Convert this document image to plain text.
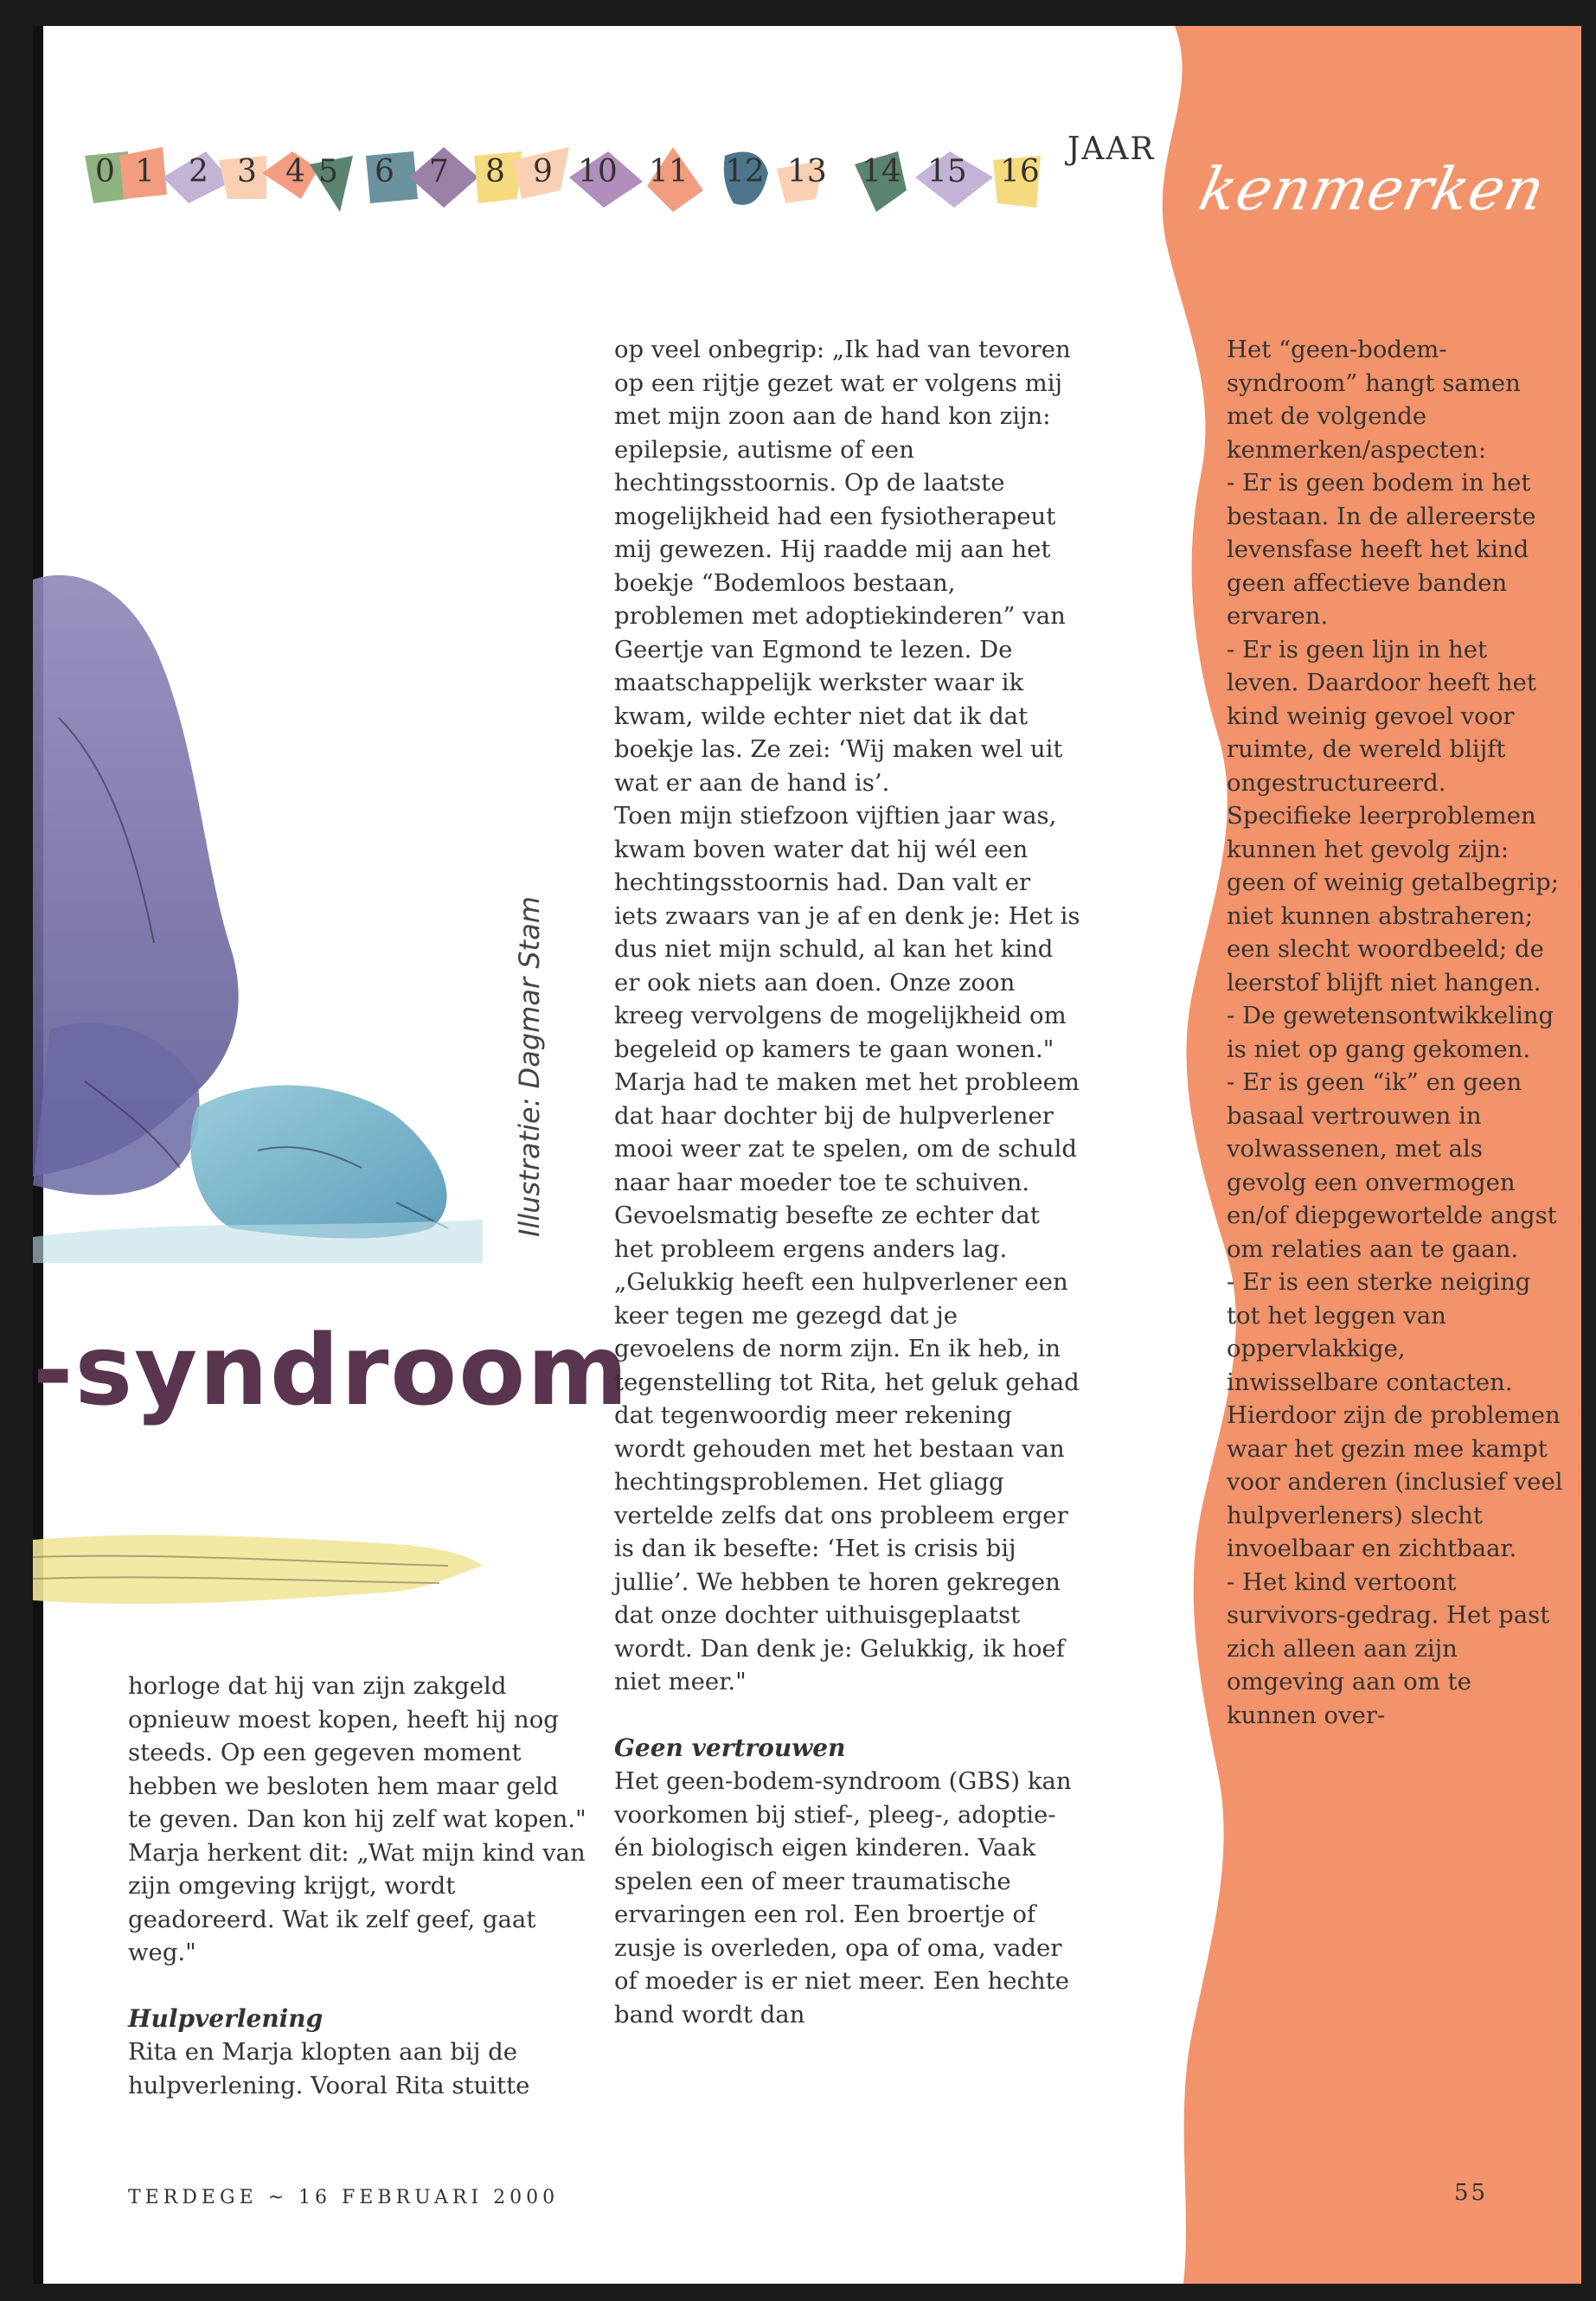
0 1 2 3 4 5 6 7 8 9 10 11 12 13 14 15 16
JAAR
kenmerken
Illustratie: Dagmar Stam
-syndroom

horloge dat hij van zijn zakgeld opnieuw moest kopen, heeft hij nog steeds. Op een gegeven moment hebben we besloten hem maar geld te geven. Dan kon hij zelf wat kopen."

Marja herkent dit: „Wat mijn kind van zijn omgeving krijgt, wordt geadoreerd. Wat ik zelf geef, gaat weg."

Hulpverlening

Rita en Marja klopten aan bij de hulpverlening. Vooral Rita stuitte

op veel onbegrip: „Ik had van tevoren op een rijtje gezet wat er volgens mij met mijn zoon aan de hand kon zijn: epilepsie, autisme of een hechtingsstoornis. Op de laatste mogelijkheid had een fysiotherapeut mij gewezen. Hij raadde mij aan het boekje “Bodemloos bestaan, problemen met adoptiekinderen” van Geertje van Egmond te lezen. De maatschappelijk werkster waar ik kwam, wilde echter niet dat ik dat boekje las. Ze zei: ‘Wij maken wel uit wat er aan de hand is’.

Toen mijn stiefzoon vijftien jaar was, kwam boven water dat hij wél een hechtingsstoornis had. Dan valt er iets zwaars van je af en denk je: Het is dus niet mijn schuld, al kan het kind er ook niets aan doen. Onze zoon kreeg vervolgens de mogelijkheid om begeleid op kamers te gaan wonen."

Marja had te maken met het probleem dat haar dochter bij de hulpverlener mooi weer zat te spelen, om de schuld naar haar moeder toe te schuiven. Gevoelsmatig besefte ze echter dat het probleem ergens anders lag. „Gelukkig heeft een hulpverlener een keer tegen me gezegd dat je gevoelens de norm zijn. En ik heb, in tegenstelling tot Rita, het geluk gehad dat tegenwoordig meer rekening wordt gehouden met het bestaan van hechtingsproblemen. Het gliagg vertelde zelfs dat ons probleem erger is dan ik besefte: ‘Het is crisis bij jullie’. We hebben te horen gekregen dat onze dochter uithuisgeplaatst wordt. Dan denk je: Gelukkig, ik hoef niet meer."

Geen vertrouwen

Het geen-bodem-syndroom (GBS) kan voorkomen bij stief-, pleeg-, adoptie- én biologisch eigen kinderen. Vaak spelen een of meer traumatische ervaringen een rol. Een broertje of zusje is overleden, opa of oma, vader of moeder is er niet meer. Een hechte band wordt dan

Het “geen-bodem-syndroom” hangt samen met de volgende kenmerken/aspecten:

- Er is geen bodem in het bestaan. In de allereerste levensfase heeft het kind geen affectieve banden ervaren.

- Er is geen lijn in het leven. Daardoor heeft het kind weinig gevoel voor ruimte, de wereld blijft ongestructureerd. Specifieke leerproblemen kunnen het gevolg zijn: geen of weinig getalbegrip; niet kunnen abstraheren; een slecht woordbeeld; de leerstof blijft niet hangen.

- De gewetensontwikkeling is niet op gang gekomen.

- Er is geen “ik” en geen basaal vertrouwen in volwassenen, met als gevolg een onvermogen en/of diepgewortelde angst om relaties aan te gaan.

- Er is een sterke neiging tot het leggen van oppervlakkige, inwisselbare contacten. Hierdoor zijn de problemen waar het gezin mee kampt voor anderen (inclusief veel hulpverleners) slecht invoelbaar en zichtbaar.

- Het kind vertoont survivors-gedrag. Het past zich alleen aan zijn omgeving aan om te kunnen over-

TERDEGE ~ 16 FEBRUARI 2000	55
